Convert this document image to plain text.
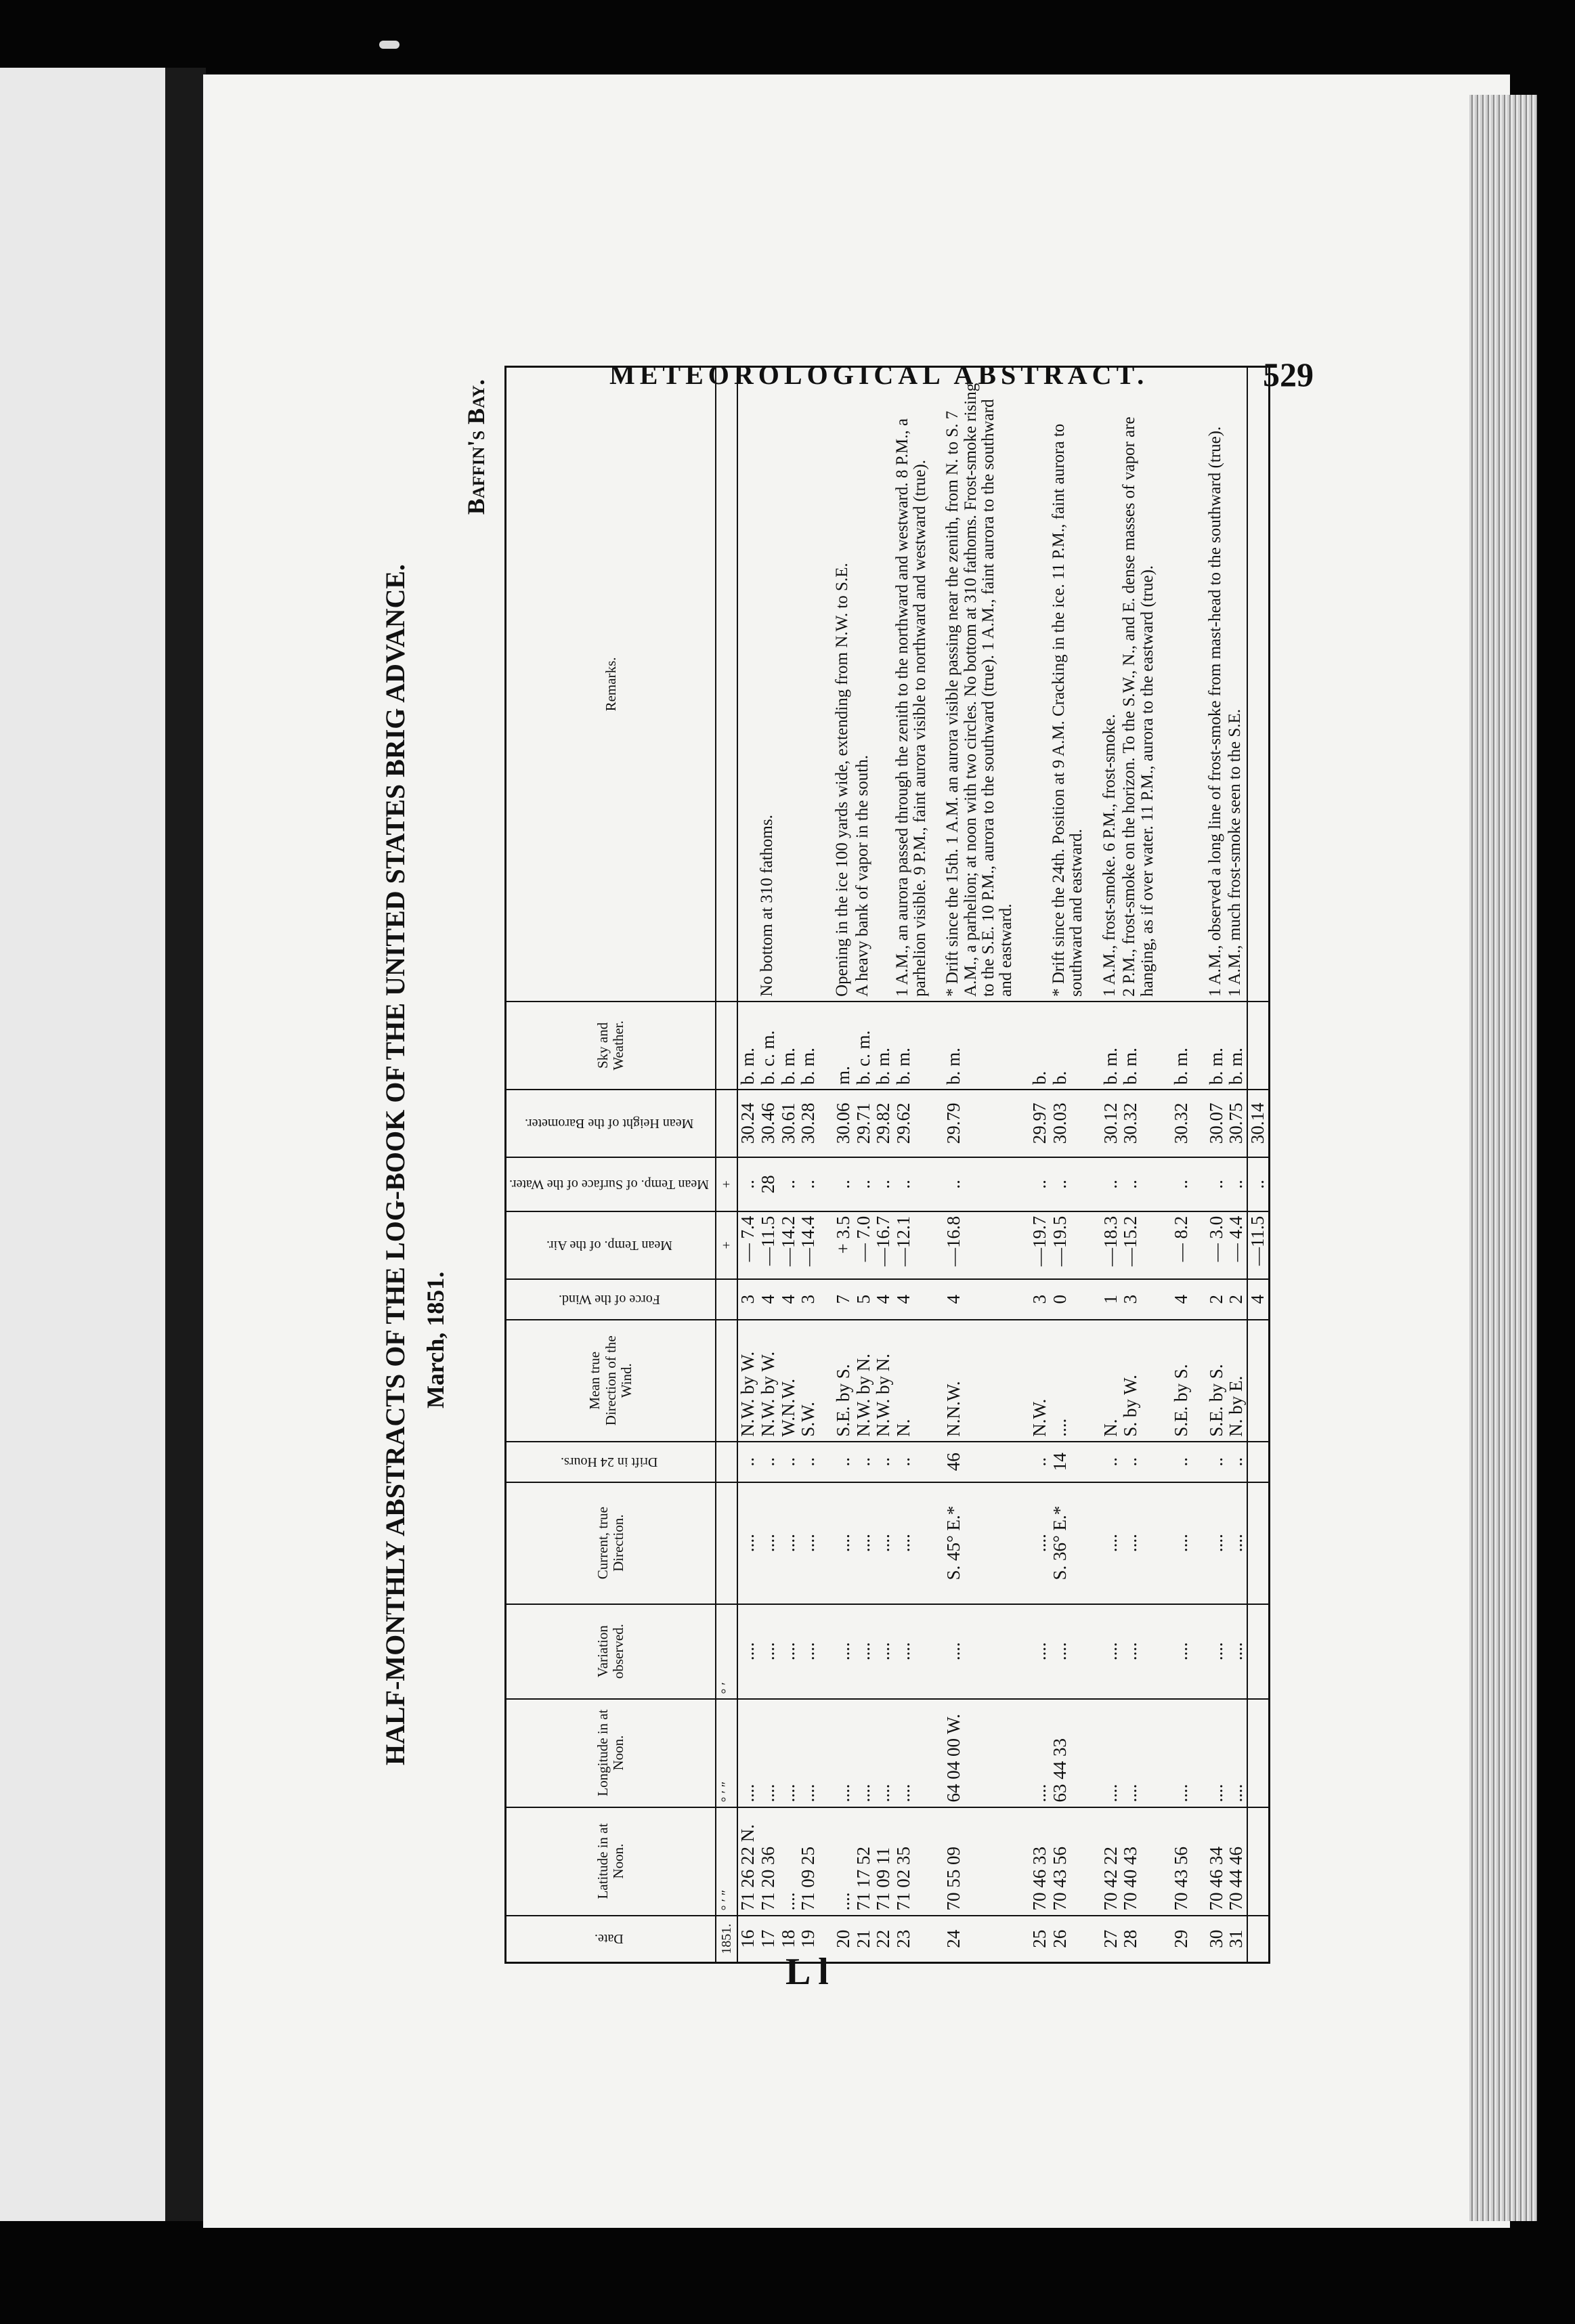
METEOROLOGICAL ABSTRACT.	529
HALF-MONTHLY ABSTRACTS OF THE LOG-BOOK OF THE UNITED STATES BRIG ADVANCE. March, 1851.
Baffin's Bay.
Date.	Latitude in at Noon.	Longitude in at Noon.	Variation observed.	Current, true Direction.	Drift in 24 Hours.	Mean true Direction of the Wind.	Force of the Wind.	Mean Temp. of the Air.	Mean Temp. of Surface of the Water.	Mean Height of the Barometer.	Sky and Weather.	Remarks.
1851.	° ′ ″	° ′ ″	° ′					+	+			
16	71 26 22 N.	....	....	....	..	N.W. by W.	3	— 7.4	..	30.24	b. m.	
17	71 20 36	....	....	....	..	N.W. by W.	4	—11.5	28	30.46	b. c. m.	No bottom at 310 fathoms.
18	....	....	....	....	..	W.N.W.	4	—14.2	..	30.61	b. m.	
19	71 09 25	....	....	....	..	S.W.	3	—14.4	..	30.28	b. m.	

20	....	....	....	....	..	S.E. by S.	7	+ 3.5	..	30.06	m.	Opening in the ice 100 yards wide, extending from N.W. to S.E.
21	71 17 52	....	....	....	..	N.W. by N.	5	— 7.0	..	29.71	b. c. m.	A heavy bank of vapor in the south.
22	71 09 11	....	....	....	..	N.W. by N.	4	—16.7	..	29.82	b. m.	
23	71 02 35	....	....	....	..	N.	4	—12.1	..	29.62	b. m.	1 A.M., an aurora passed through the zenith to the northward and westward. 8 P.M., a parhelion visible. 9 P.M., faint aurora visible to northward and westward (true).

24	70 55 09	64 04 00 W.	....	S. 45° E.*	46	N.N.W.	4	—16.8	..	29.79	b. m.	* Drift since the 15th. 1 A.M. an aurora visible passing near the zenith, from N. to S. 7 A.M., a parhelion; at noon with two circles. No bottom at 310 fathoms. Frost-smoke rising to the S.E. 10 P.M., aurora to the southward (true). 1 A.M., faint aurora to the southward and eastward.

25	70 46 33	....	....	....	..	N.W.	3	—19.7	..	29.97	b.	
26	70 43 56	63 44 33	....	S. 36° E.*	14	....	0	—19.5	..	30.03	b.	* Drift since the 24th. Position at 9 A.M. Cracking in the ice. 11 P.M., faint aurora to southward and eastward.

27	70 42 22	....	....	....	..	N.	1	—18.3	..	30.12	b. m.	1 A.M., frost-smoke. 6 P.M., frost-smoke.
28	70 40 43	....	....	....	..	S. by W.	3	—15.2	..	30.32	b. m.	2 P.M., frost-smoke on the horizon. To the S.W., N., and E. dense masses of vapor are hanging, as if over water. 11 P.M., aurora to the eastward (true).

29	70 43 56	....	....	....	..	S.E. by S.	4	— 8.2	..	30.32	b. m.	

30	70 46 34	....	....	....	..	S.E. by S.	2	— 3.0	..	30.07	b. m.	1 A.M., observed a long line of frost-smoke from mast-head to the southward (true).
31	70 44 46	....	....	....	..	N. by E.	2	— 4.4	..	30.75	b. m.	1 A.M., much frost-smoke seen to the S.E.
							4	—11.5	..	30.14		
L l
